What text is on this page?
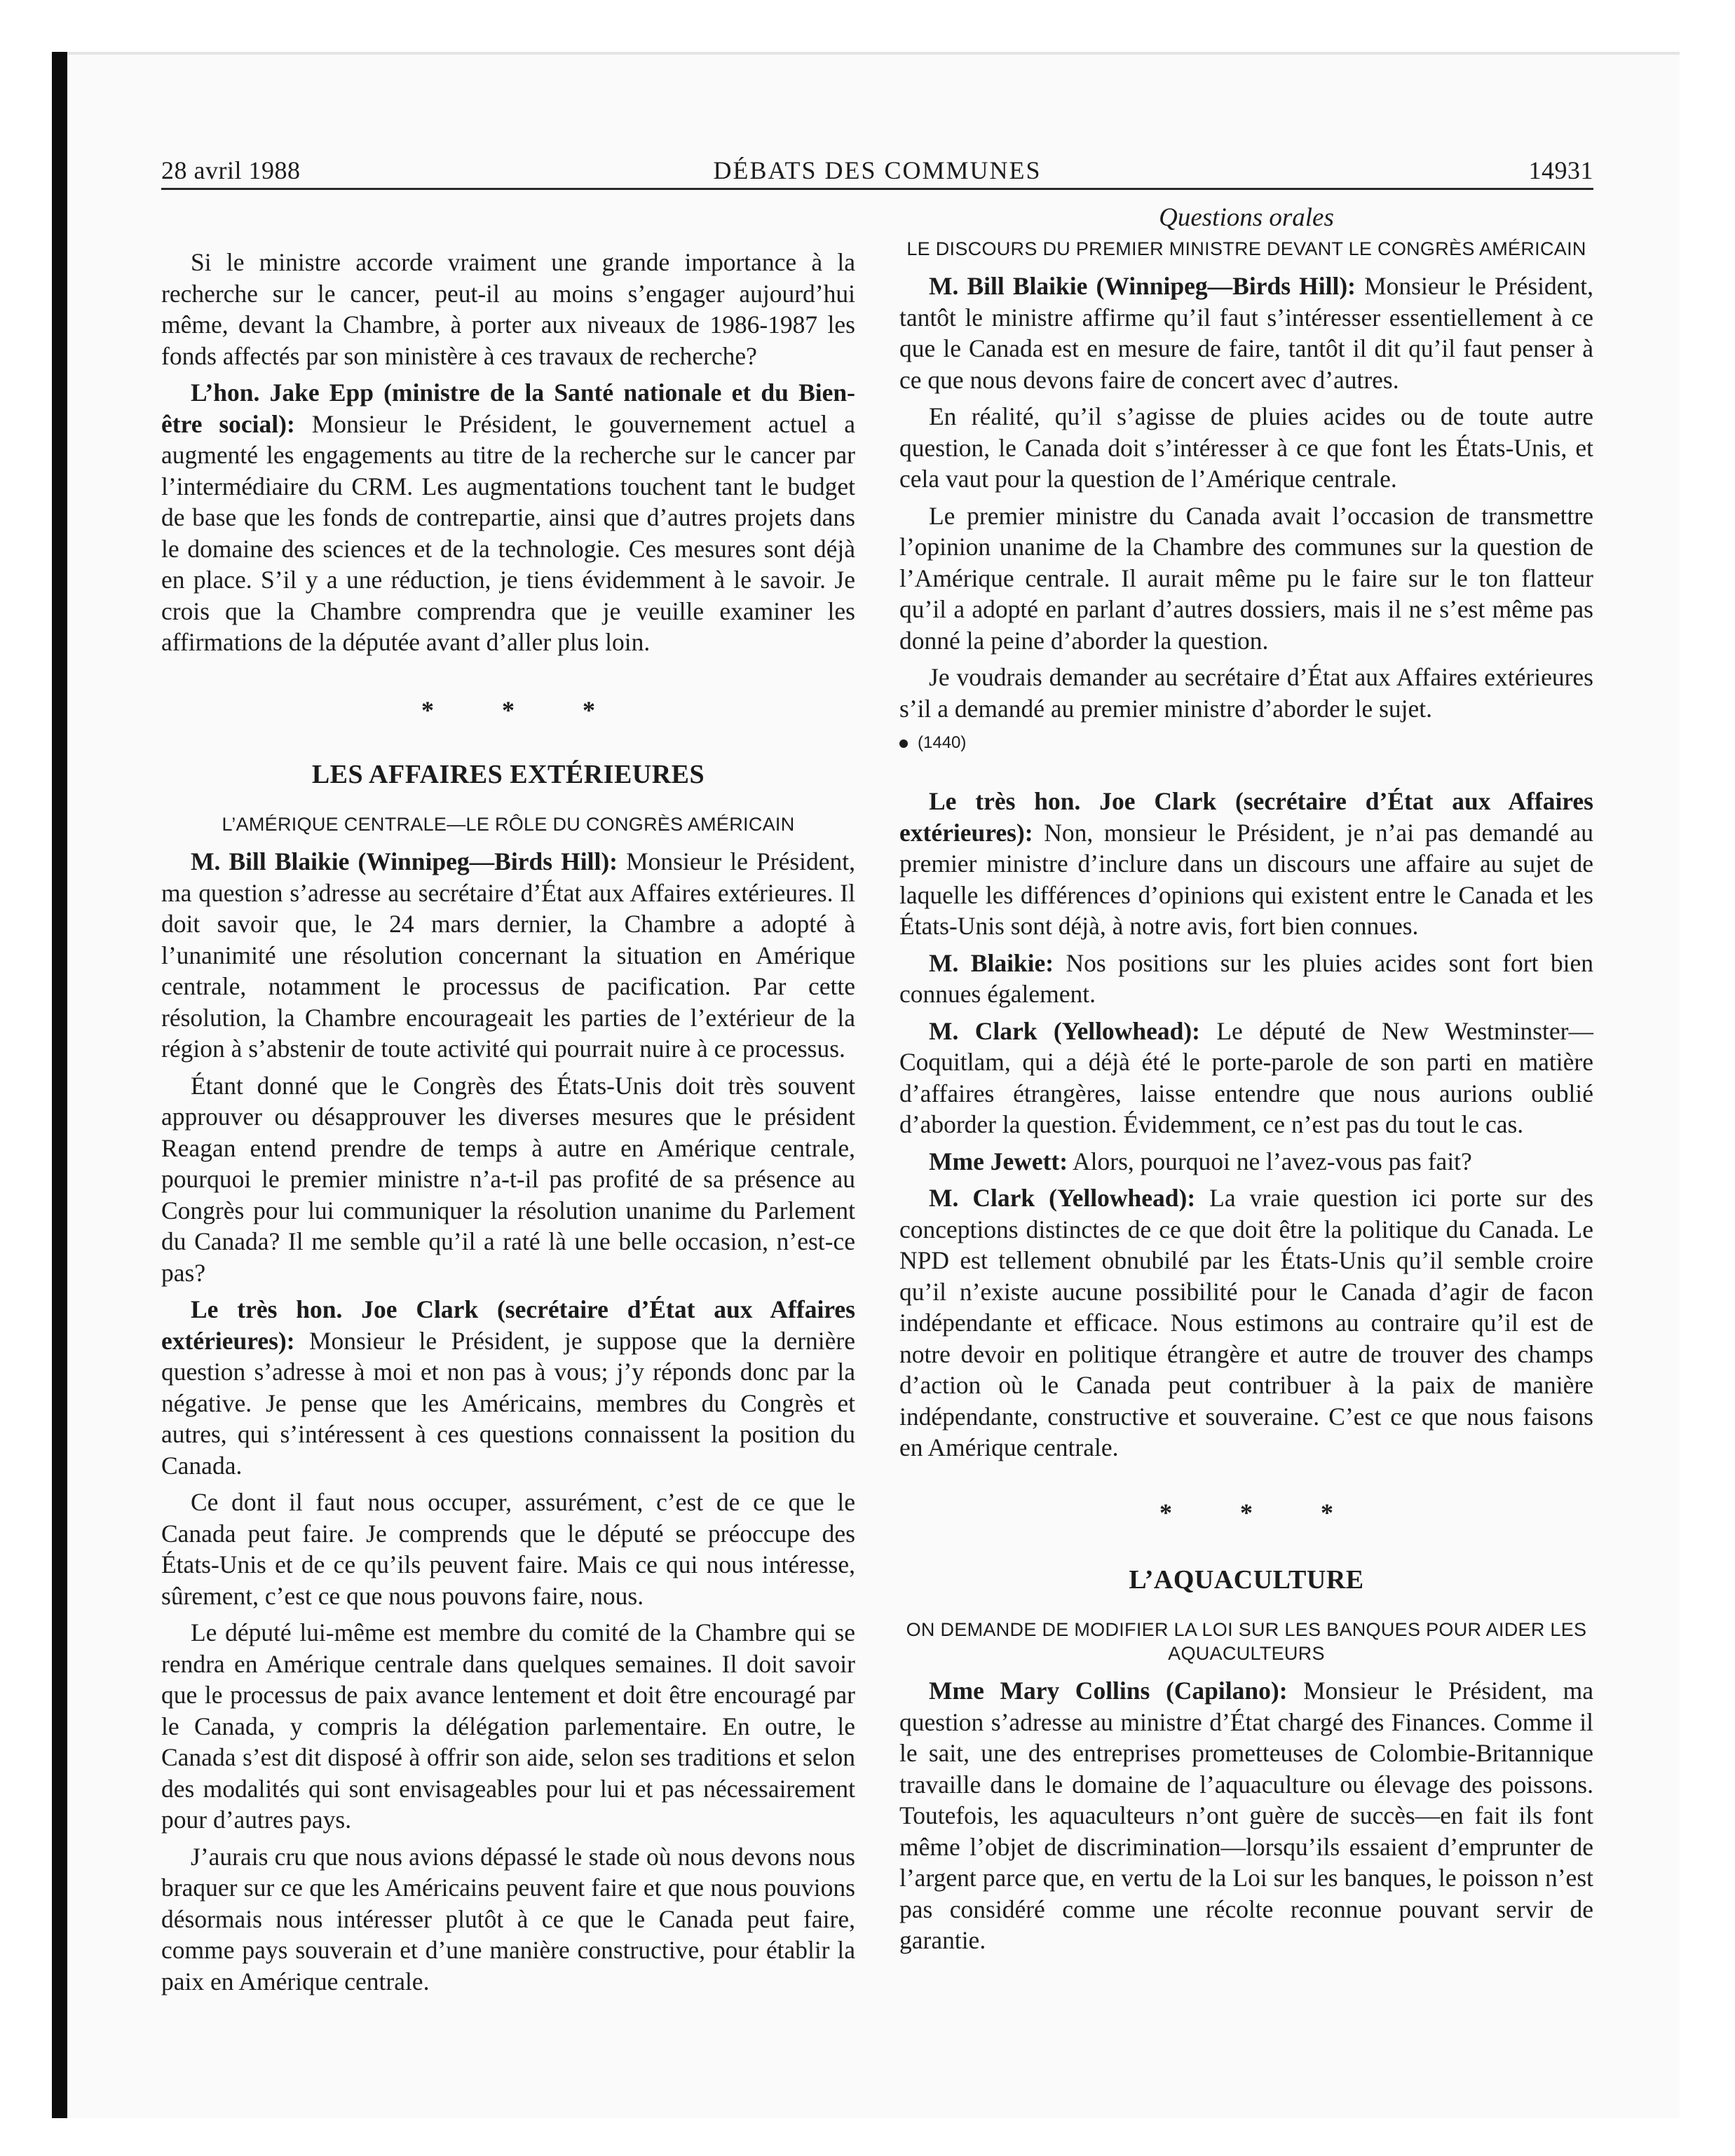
28 avril 1988	DÉBATS DES COMMUNES	14931

Si le ministre accorde vraiment une grande importance à la recherche sur le cancer, peut-il au moins s’engager aujourd’hui même, devant la Chambre, à porter aux niveaux de 1986-1987 les fonds affectés par son ministère à ces travaux de recherche?

L’hon. Jake Epp (ministre de la Santé nationale et du Bien-être social): Monsieur le Président, le gouvernement actuel a augmenté les engagements au titre de la recherche sur le cancer par l’intermédiaire du CRM. Les augmentations touchent tant le budget de base que les fonds de contrepartie, ainsi que d’autres projets dans le domaine des sciences et de la technologie. Ces mesures sont déjà en place. S’il y a une réduction, je tiens évidemment à le savoir. Je crois que la Chambre comprendra que je veuille examiner les affirmations de la députée avant d’aller plus loin.

* * *
LES AFFAIRES EXTÉRIEURES
L’AMÉRIQUE CENTRALE—LE RÔLE DU CONGRÈS AMÉRICAIN

M. Bill Blaikie (Winnipeg—Birds Hill): Monsieur le Président, ma question s’adresse au secrétaire d’État aux Affaires extérieures. Il doit savoir que, le 24 mars dernier, la Chambre a adopté à l’unanimité une résolution concernant la situation en Amérique centrale, notamment le processus de pacification. Par cette résolution, la Chambre encourageait les parties de l’extérieur de la région à s’abstenir de toute activité qui pourrait nuire à ce processus.

Étant donné que le Congrès des États-Unis doit très souvent approuver ou désapprouver les diverses mesures que le président Reagan entend prendre de temps à autre en Amérique centrale, pourquoi le premier ministre n’a-t-il pas profité de sa présence au Congrès pour lui communiquer la résolution unanime du Parlement du Canada? Il me semble qu’il a raté là une belle occasion, n’est-ce pas?

Le très hon. Joe Clark (secrétaire d’État aux Affaires extérieures): Monsieur le Président, je suppose que la dernière question s’adresse à moi et non pas à vous; j’y réponds donc par la négative. Je pense que les Américains, membres du Congrès et autres, qui s’intéressent à ces questions connaissent la position du Canada.

Ce dont il faut nous occuper, assurément, c’est de ce que le Canada peut faire. Je comprends que le député se préoccupe des États-Unis et de ce qu’ils peuvent faire. Mais ce qui nous intéresse, sûrement, c’est ce que nous pouvons faire, nous.

Le député lui-même est membre du comité de la Chambre qui se rendra en Amérique centrale dans quelques semaines. Il doit savoir que le processus de paix avance lentement et doit être encouragé par le Canada, y compris la délégation parlementaire. En outre, le Canada s’est dit disposé à offrir son aide, selon ses traditions et selon des modalités qui sont envisageables pour lui et pas nécessairement pour d’autres pays.

J’aurais cru que nous avions dépassé le stade où nous devons nous braquer sur ce que les Américains peuvent faire et que nous pouvions désormais nous intéresser plutôt à ce que le Canada peut faire, comme pays souverain et d’une manière constructive, pour établir la paix en Amérique centrale.

Questions orales
LE DISCOURS DU PREMIER MINISTRE DEVANT LE CONGRÈS AMÉRICAIN

M. Bill Blaikie (Winnipeg—Birds Hill): Monsieur le Président, tantôt le ministre affirme qu’il faut s’intéresser essentiellement à ce que le Canada est en mesure de faire, tantôt il dit qu’il faut penser à ce que nous devons faire de concert avec d’autres.

En réalité, qu’il s’agisse de pluies acides ou de toute autre question, le Canada doit s’intéresser à ce que font les États-Unis, et cela vaut pour la question de l’Amérique centrale.

Le premier ministre du Canada avait l’occasion de transmettre l’opinion unanime de la Chambre des communes sur la question de l’Amérique centrale. Il aurait même pu le faire sur le ton flatteur qu’il a adopté en parlant d’autres dossiers, mais il ne s’est même pas donné la peine d’aborder la question.

Je voudrais demander au secrétaire d’État aux Affaires extérieures s’il a demandé au premier ministre d’aborder le sujet.

(1440)

Le très hon. Joe Clark (secrétaire d’État aux Affaires extérieures): Non, monsieur le Président, je n’ai pas demandé au premier ministre d’inclure dans un discours une affaire au sujet de laquelle les différences d’opinions qui existent entre le Canada et les États-Unis sont déjà, à notre avis, fort bien connues.

M. Blaikie: Nos positions sur les pluies acides sont fort bien connues également.

M. Clark (Yellowhead): Le député de New Westminster—Coquitlam, qui a déjà été le porte-parole de son parti en matière d’affaires étrangères, laisse entendre que nous aurions oublié d’aborder la question. Évidemment, ce n’est pas du tout le cas.

Mme Jewett: Alors, pourquoi ne l’avez-vous pas fait?

M. Clark (Yellowhead): La vraie question ici porte sur des conceptions distinctes de ce que doit être la politique du Canada. Le NPD est tellement obnubilé par les États-Unis qu’il semble croire qu’il n’existe aucune possibilité pour le Canada d’agir de facon indépendante et efficace. Nous estimons au contraire qu’il est de notre devoir en politique étrangère et autre de trouver des champs d’action où le Canada peut contribuer à la paix de manière indépendante, constructive et souveraine. C’est ce que nous faisons en Amérique centrale.

* * *
L’AQUACULTURE
ON DEMANDE DE MODIFIER LA LOI SUR LES BANQUES POUR AIDER LES AQUACULTEURS

Mme Mary Collins (Capilano): Monsieur le Président, ma question s’adresse au ministre d’État chargé des Finances. Comme il le sait, une des entreprises prometteuses de Colombie-Britannique travaille dans le domaine de l’aquaculture ou élevage des poissons. Toutefois, les aquaculteurs n’ont guère de succès—en fait ils font même l’objet de discrimination—lorsqu’ils essaient d’emprunter de l’argent parce que, en vertu de la Loi sur les banques, le poisson n’est pas considéré comme une récolte reconnue pouvant servir de garantie.
